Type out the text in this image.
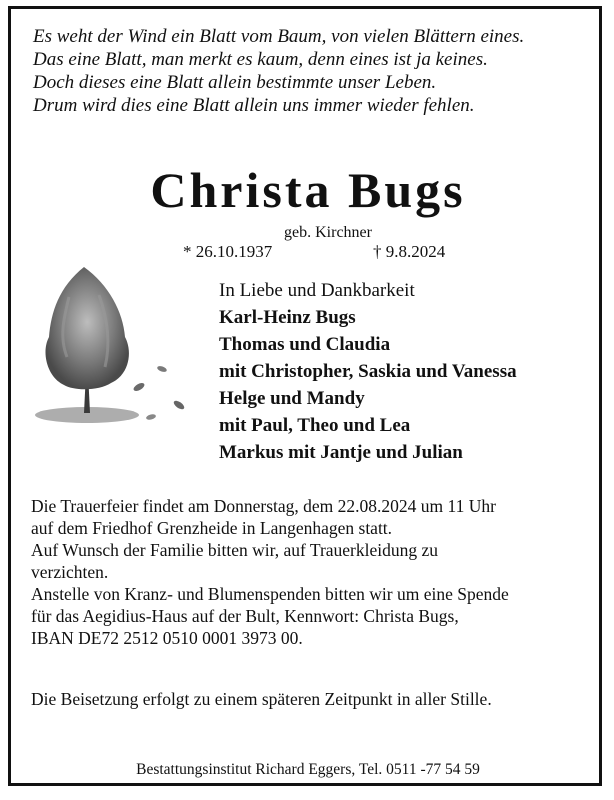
Es weht der Wind ein Blatt vom Baum, von vielen Blättern eines.
Das eine Blatt, man merkt es kaum, denn eines ist ja keines.
Doch dieses eine Blatt allein bestimmte unser Leben.
Drum wird dies eine Blatt allein uns immer wieder fehlen.
Christa Bugs
geb. Kirchner
* 26.10.1937	† 9.8.2024
In Liebe und Dankbarkeit
Karl-Heinz Bugs
Thomas und Claudia
mit Christopher, Saskia und Vanessa
Helge und Mandy
mit Paul, Theo und Lea
Markus mit Jantje und Julian
Die Trauerfeier findet am Donnerstag, dem 22.08.2024 um 11 Uhr
auf dem Friedhof Grenzheide in Langenhagen statt.
Auf Wunsch der Familie bitten wir, auf Trauerkleidung zu
verzichten.
Anstelle von Kranz- und Blumenspenden bitten wir um eine Spende
für das Aegidius-Haus auf der Bult, Kennwort: Christa Bugs,
IBAN DE72 2512 0510 0001 3973 00.
Die Beisetzung erfolgt zu einem späteren Zeitpunkt in aller Stille.
Bestattungsinstitut Richard Eggers, Tel. 0511 -77 54 59
